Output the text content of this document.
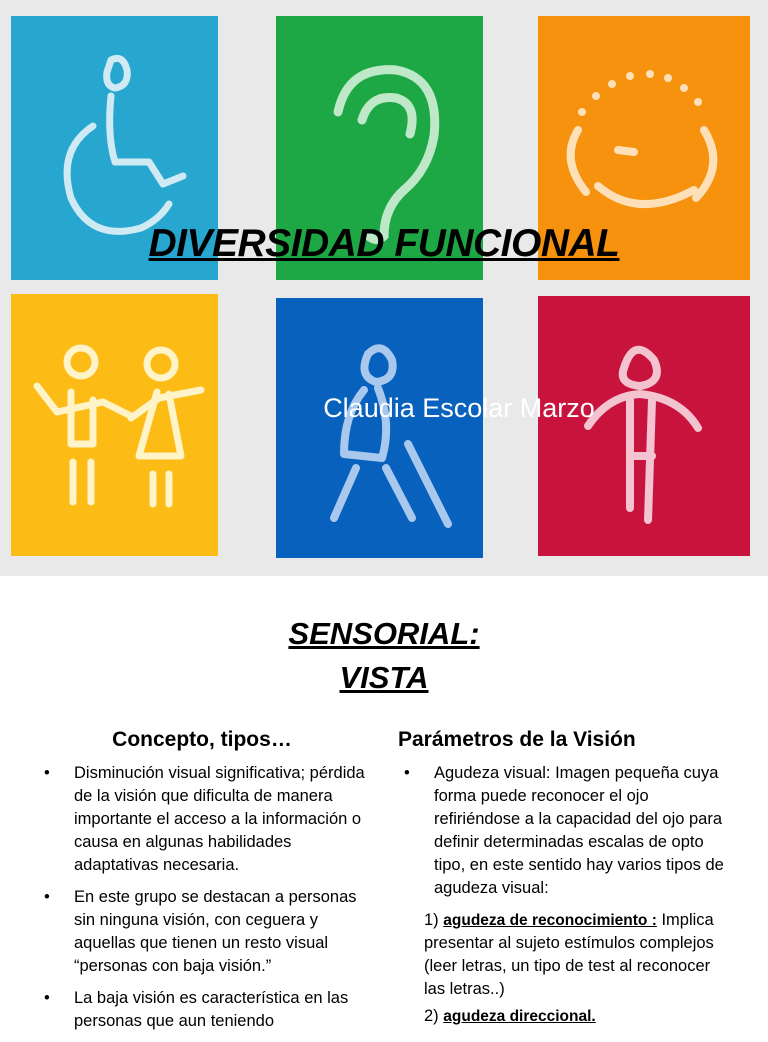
DIVERSIDAD FUNCIONAL
Claudia Escolar Marzo
SENSORIAL:
VISTA
Concepto, tipos…
• Disminución visual significativa; pérdida de la visión que dificulta de manera importante el acceso a la información o causa en algunas habilidades adaptativas necesaria.
• En este grupo se destacan a personas sin ninguna visión, con ceguera y aquellas que tienen un resto visual “personas con baja visión.”
• La baja visión es característica en las personas que aun teniendo
Parámetros de la Visión
• Agudeza visual: Imagen pequeña cuya forma puede reconocer el ojo refiriéndose a la capacidad del ojo para definir determinadas escalas de opto tipo, en este sentido hay varios tipos de agudeza visual:
1) agudeza de reconocimiento : Implica presentar al sujeto estímulos complejos (leer letras, un tipo de test al reconocer las letras..)
2) agudeza direccional.
